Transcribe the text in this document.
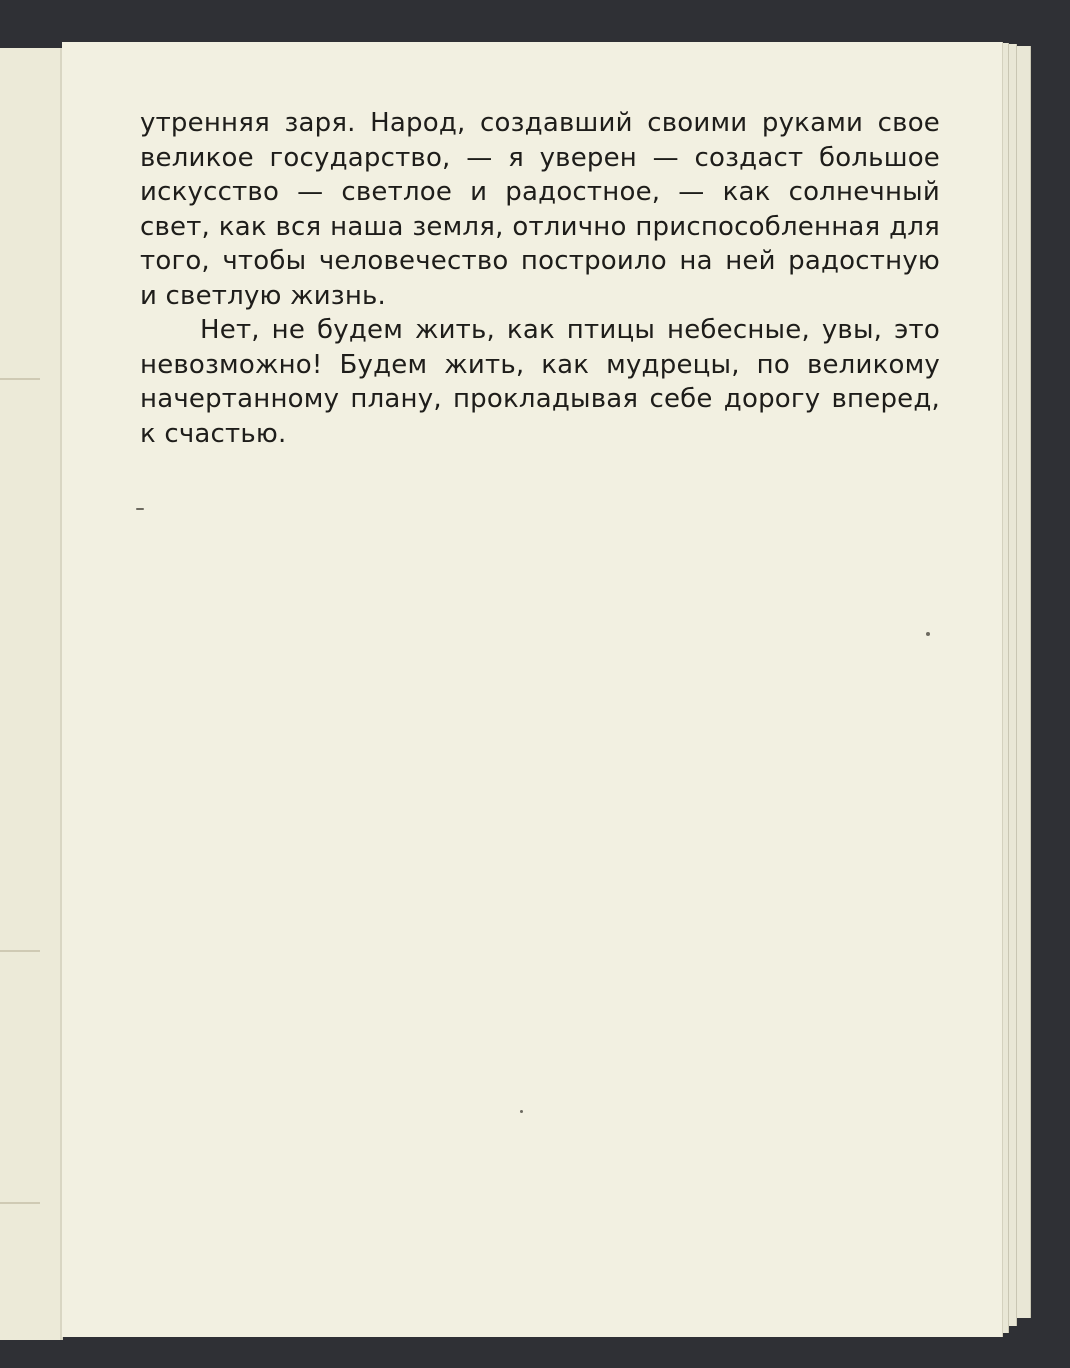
утренняя заря. Народ, создавший своими руками свое великое государство, — я уверен — создаст большое искусство — светлое и радостное, — как солнечный свет, как вся наша земля, отлично приспособленная для того, чтобы человечество построило на ней радостную и светлую жизнь.

Нет, не будем жить, как птицы небесные, увы, это невозможно! Будем жить, как мудрецы, по великому начертанному плану, прокладывая себе дорогу вперед, к счастью.
